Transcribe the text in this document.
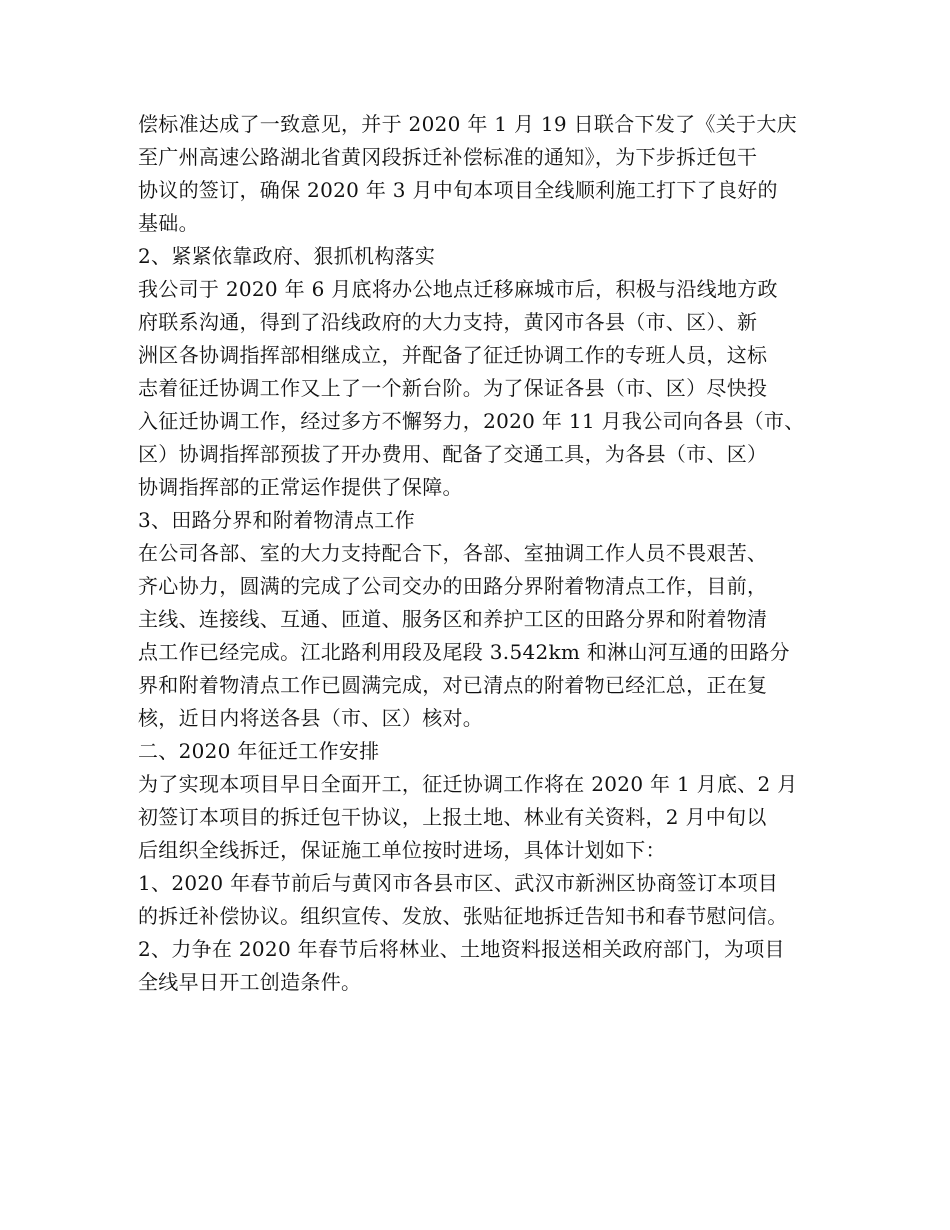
偿标准达成了一致意见，并于 2020 年 1 月 19 日联合下发了《关于大庆
至广州高速公路湖北省黄冈段拆迁补偿标准的通知》，为下步拆迁包干
协议的签订，确保 2020 年 3 月中旬本项目全线顺利施工打下了良好的
基础。
2、紧紧依靠政府、狠抓机构落实
我公司于 2020 年 6 月底将办公地点迁移麻城市后，积极与沿线地方政
府联系沟通，得到了沿线政府的大力支持，黄冈市各县（市、区）、新
洲区各协调指挥部相继成立，并配备了征迁协调工作的专班人员，这标
志着征迁协调工作又上了一个新台阶。为了保证各县（市、区）尽快投
入征迁协调工作，经过多方不懈努力，2020 年 11 月我公司向各县（市、
区）协调指挥部预拔了开办费用、配备了交通工具，为各县（市、区）
协调指挥部的正常运作提供了保障。
3、田路分界和附着物清点工作
在公司各部、室的大力支持配合下，各部、室抽调工作人员不畏艰苦、
齐心协力，圆满的完成了公司交办的田路分界附着物清点工作，目前，
主线、连接线、互通、匝道、服务区和养护工区的田路分界和附着物清
点工作已经完成。江北路利用段及尾段 3.542km 和淋山河互通的田路分
界和附着物清点工作已圆满完成，对已清点的附着物已经汇总，正在复
核，近日内将送各县（市、区）核对。
二、2020 年征迁工作安排
为了实现本项目早日全面开工，征迁协调工作将在 2020 年 1 月底、2 月
初签订本项目的拆迁包干协议，上报土地、林业有关资料，2 月中旬以
后组织全线拆迁，保证施工单位按时进场，具体计划如下：
1、2020 年春节前后与黄冈市各县市区、武汉市新洲区协商签订本项目
的拆迁补偿协议。组织宣传、发放、张贴征地拆迁告知书和春节慰问信。
2、力争在 2020 年春节后将林业、土地资料报送相关政府部门，为项目
全线早日开工创造条件。
